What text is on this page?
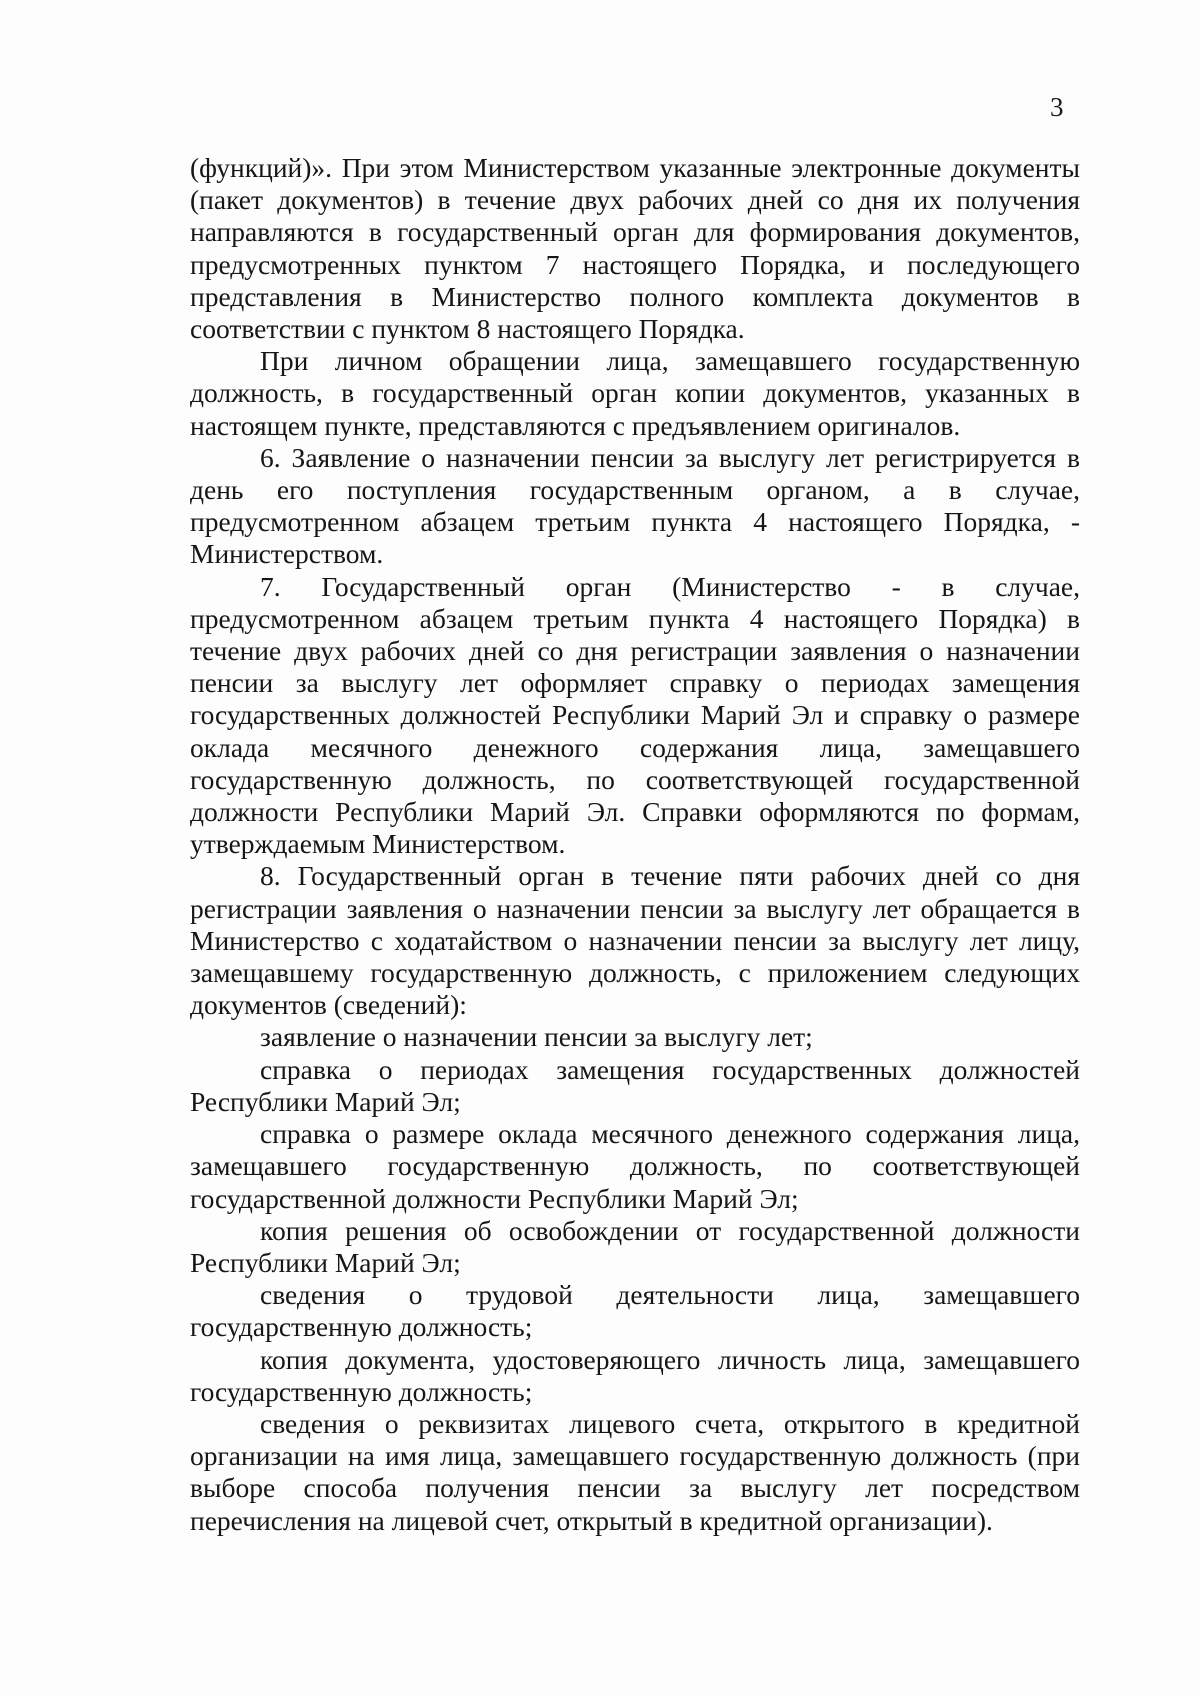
3

(функций)». При этом Министерством указанные электронные документы (пакет документов) в течение двух рабочих дней со дня их получения направляются в государственный орган для формирования документов, предусмотренных пунктом 7 настоящего Порядка, и последующего представления в Министерство полного комплекта документов в соответствии с пунктом 8 настоящего Порядка.

При личном обращении лица, замещавшего государственную должность, в государственный орган копии документов, указанных в настоящем пункте, представляются с предъявлением оригиналов.

6. Заявление о назначении пенсии за выслугу лет регистрируется в день его поступления государственным органом, а в случае, предусмотренном абзацем третьим пункта 4 настоящего Порядка, - Министерством.

7. Государственный орган (Министерство - в случае, предусмотренном абзацем третьим пункта 4 настоящего Порядка) в течение двух рабочих дней со дня регистрации заявления о назначении пенсии за выслугу лет оформляет справку о периодах замещения государственных должностей Республики Марий Эл и справку о размере оклада месячного денежного содержания лица, замещавшего государственную должность, по соответствующей государственной должности Республики Марий Эл. Справки оформляются по формам, утверждаемым Министерством.

8. Государственный орган в течение пяти рабочих дней со дня регистрации заявления о назначении пенсии за выслугу лет обращается в Министерство с ходатайством о назначении пенсии за выслугу лет лицу, замещавшему государственную должность, с приложением следующих документов (сведений):

заявление о назначении пенсии за выслугу лет;

справка о периодах замещения государственных должностей Республики Марий Эл;

справка о размере оклада месячного денежного содержания лица, замещавшего государственную должность, по соответствующей государственной должности Республики Марий Эл;

копия решения об освобождении от государственной должности Республики Марий Эл;

сведения о трудовой деятельности лица, замещавшего государственную должность;

копия документа, удостоверяющего личность лица, замещавшего государственную должность;

сведения о реквизитах лицевого счета, открытого в кредитной организации на имя лица, замещавшего государственную должность (при выборе способа получения пенсии за выслугу лет посредством перечисления на лицевой счет, открытый в кредитной организации).
